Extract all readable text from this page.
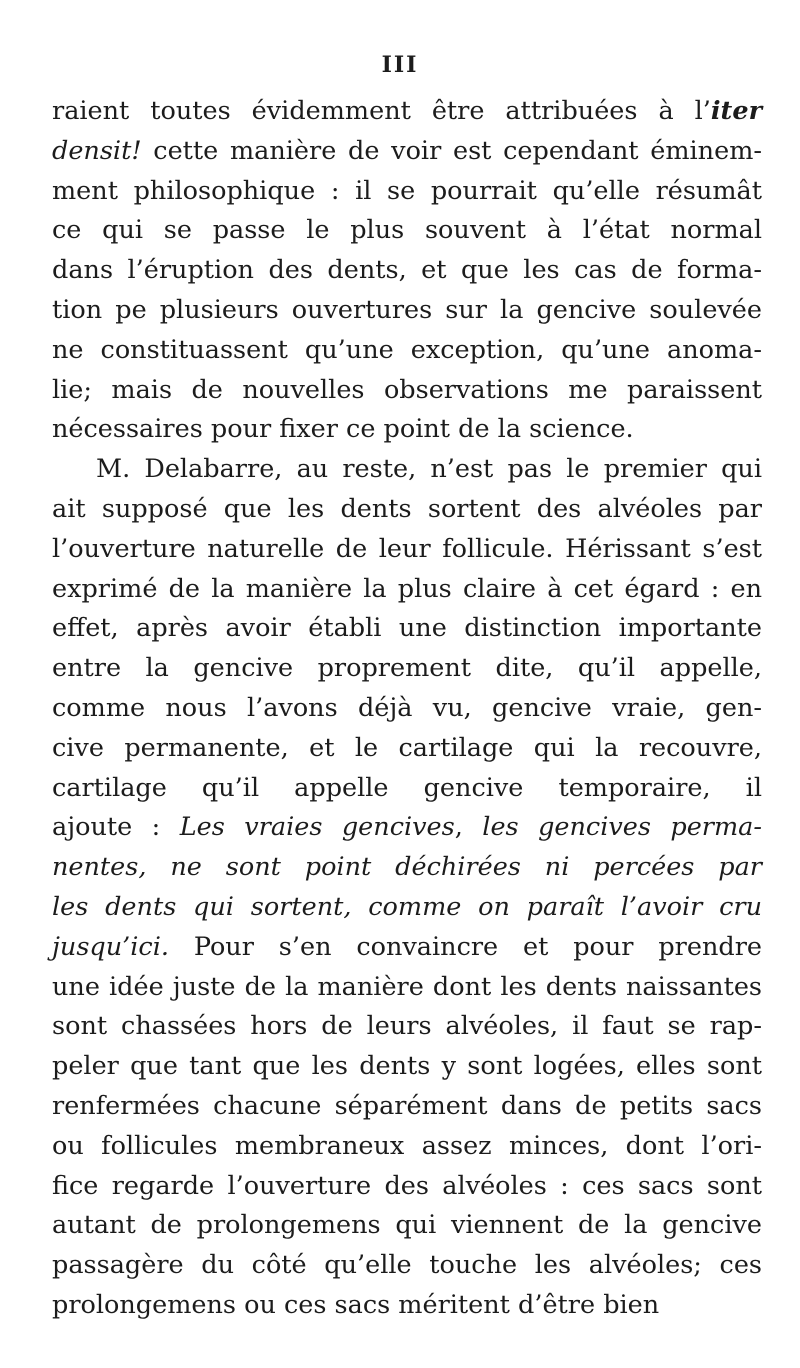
III
raient toutes évidemment être attribuées à l’iter
densit! cette manière de voir est cependant éminem-
ment philosophique : il se pourrait qu’elle résumât
ce qui se passe le plus souvent à l’état normal
dans l’éruption des dents, et que les cas de forma-
tion pe plusieurs ouvertures sur la gencive soulevée
ne constituassent qu’une exception, qu’une anoma-
lie; mais de nouvelles observations me paraissent
nécessaires pour fixer ce point de la science.
M. Delabarre, au reste, n’est pas le premier qui
ait supposé que les dents sortent des alvéoles par
l’ouverture naturelle de leur follicule. Hérissant s’est
exprimé de la manière la plus claire à cet égard : en
effet, après avoir établi une distinction importante
entre la gencive proprement dite, qu’il appelle,
comme nous l’avons déjà vu, gencive vraie, gen-
cive permanente, et le cartilage qui la recouvre,
cartilage qu’il appelle gencive temporaire, il
ajoute : Les vraies gencives, les gencives perma-
nentes, ne sont point déchirées ni percées par
les dents qui sortent, comme on paraît l’avoir cru
jusqu’ici. Pour s’en convaincre et pour prendre
une idée juste de la manière dont les dents naissantes
sont chassées hors de leurs alvéoles, il faut se rap-
peler que tant que les dents y sont logées, elles sont
renfermées chacune séparément dans de petits sacs
ou follicules membraneux assez minces, dont l’ori-
fice regarde l’ouverture des alvéoles : ces sacs sont
autant de prolongemens qui viennent de la gencive
passagère du côté qu’elle touche les alvéoles; ces
prolongemens ou ces sacs méritent d’être bien
